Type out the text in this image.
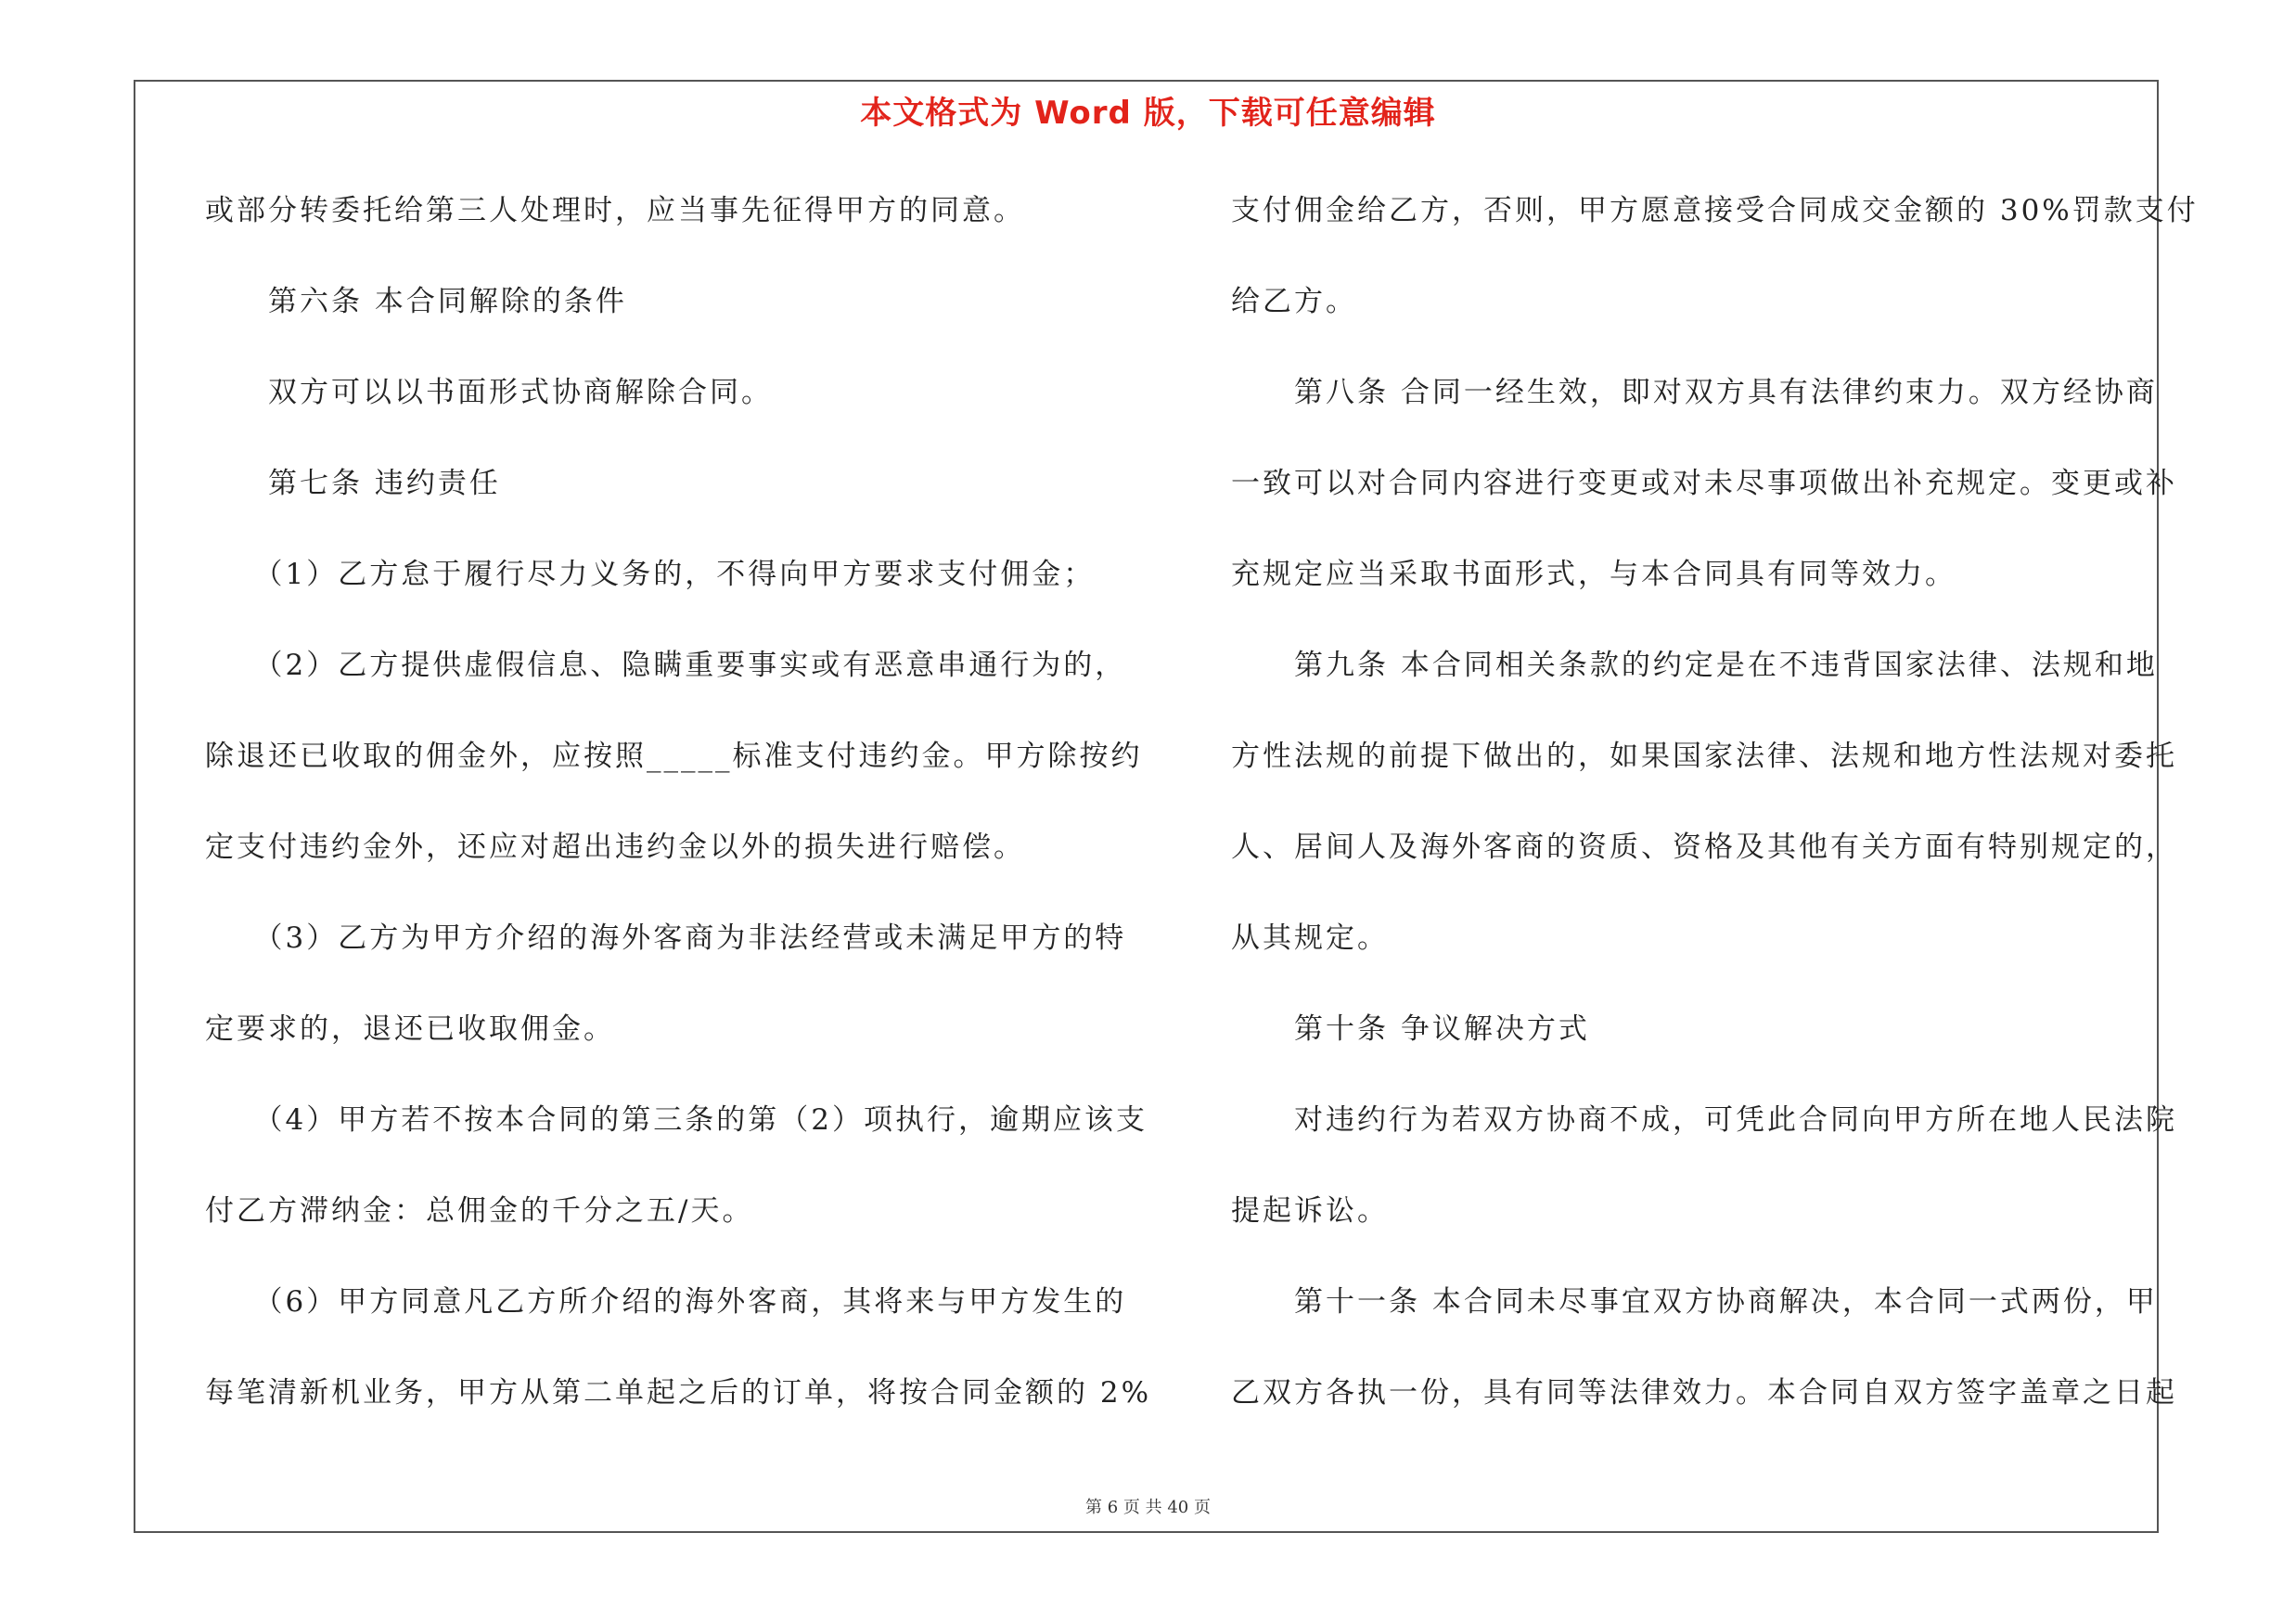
本文格式为 Word 版，下载可任意编辑
或部分转委托给第三人处理时，应当事先征得甲方的同意。
　　第六条 本合同解除的条件
　　双方可以以书面形式协商解除合同。
　　第七条 违约责任
　　（1）乙方怠于履行尽力义务的，不得向甲方要求支付佣金；
　　（2）乙方提供虚假信息、隐瞒重要事实或有恶意串通行为的，
除退还已收取的佣金外，应按照_____标准支付违约金。甲方除按约
定支付违约金外，还应对超出违约金以外的损失进行赔偿。
　　（3）乙方为甲方介绍的海外客商为非法经营或未满足甲方的特
定要求的，退还已收取佣金。
　　（4）甲方若不按本合同的第三条的第（2）项执行，逾期应该支
付乙方滞纳金：总佣金的千分之五/天。
　　（6）甲方同意凡乙方所介绍的海外客商，其将来与甲方发生的
每笔清新机业务，甲方从第二单起之后的订单，将按合同金额的 2%
支付佣金给乙方，否则，甲方愿意接受合同成交金额的 30%罚款支付
给乙方。
　　第八条 合同一经生效，即对双方具有法律约束力。双方经协商
一致可以对合同内容进行变更或对未尽事项做出补充规定。变更或补
充规定应当采取书面形式，与本合同具有同等效力。
　　第九条 本合同相关条款的约定是在不违背国家法律、法规和地
方性法规的前提下做出的，如果国家法律、法规和地方性法规对委托
人、居间人及海外客商的资质、资格及其他有关方面有特别规定的，
从其规定。
　　第十条 争议解决方式
　　对违约行为若双方协商不成，可凭此合同向甲方所在地人民法院
提起诉讼。
　　第十一条 本合同未尽事宜双方协商解决，本合同一式两份，甲
乙双方各执一份，具有同等法律效力。本合同自双方签字盖章之日起
第 6 页 共 40 页
